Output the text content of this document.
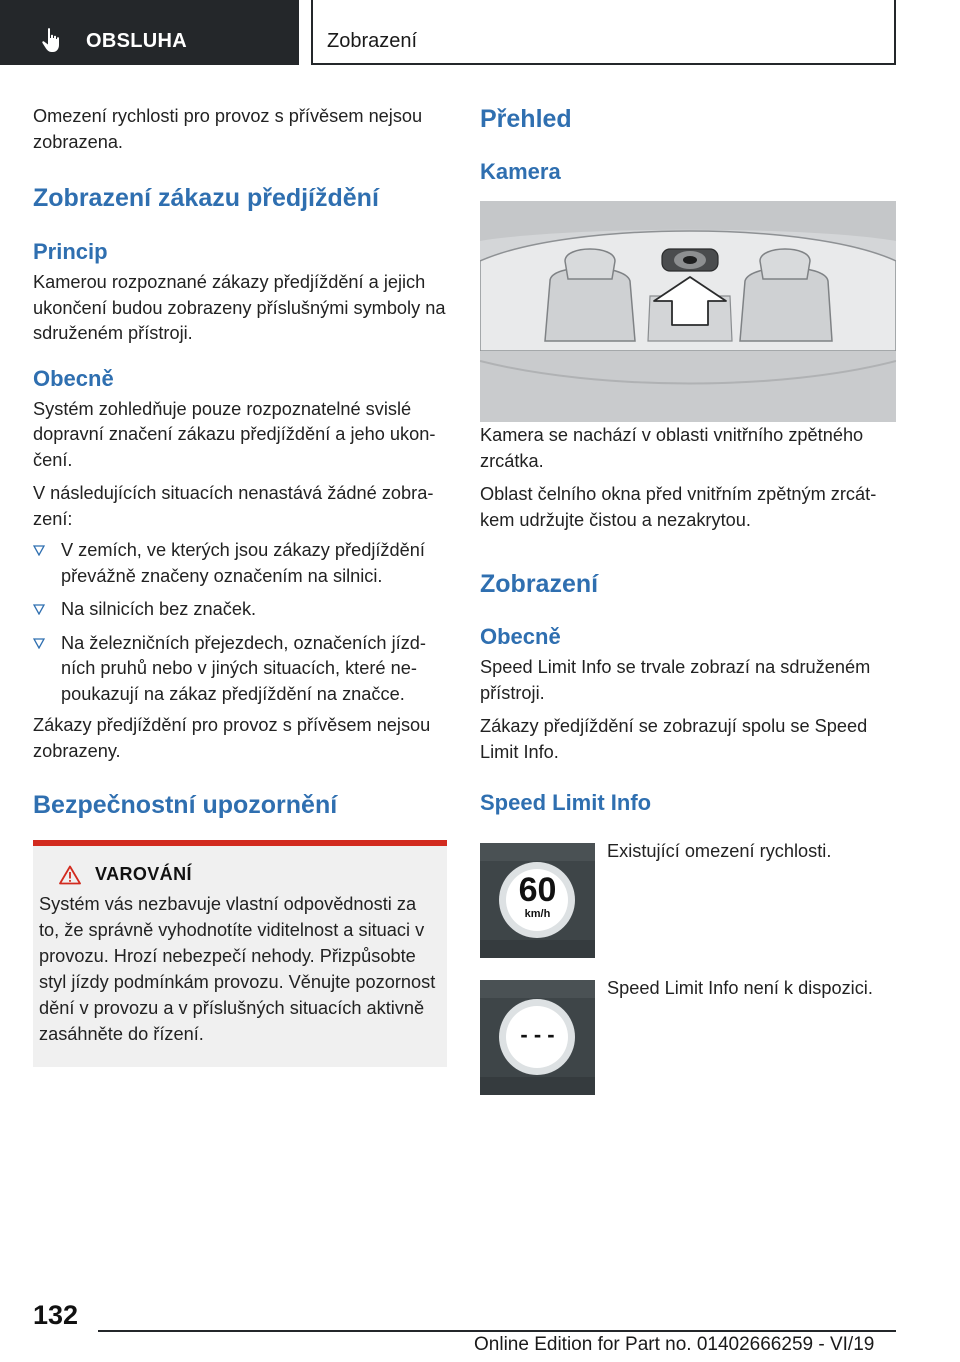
OBSLUHA	Zobrazení

Omezení rychlosti pro provoz s přívěsem nejsou zobrazena.

Zobrazení zákazu předjíždění
Princip

Kamerou rozpoznané zákazy předjíždění a jejich ukončení budou zobrazeny příslušnými symboly na sdruženém přístroji.

Obecně

Systém zohledňuje pouze rozpoznatelné svislé dopravní značení zákazu předjíždění a jeho ukončení.

V následujících situacích nenastává žádné zobrazení:

V zemích, ve kterých jsou zákazy předjíždění převážně značeny označením na silnici.
Na silnicích bez značek.
Na železničních přejezdech, označeních jízdních pruhů nebo v jiných situacích, které nepoukazují na zákaz předjíždění na značce.

Zákazy předjíždění pro provoz s přívěsem nejsou zobrazeny.

Bezpečnostní upozornění
VAROVÁNÍ

Systém vás nezbavuje vlastní odpovědnosti za to, že správně vyhodnotíte viditelnost a situaci v provozu. Hrozí nebezpečí nehody. Přizpůsobte styl jízdy podmínkám provozu. Věnujte pozornost dění v provozu a v příslušných situacích aktivně zasáhněte do řízení.

Přehled
Kamera

Kamera se nachází v oblasti vnitřního zpětného zrcátka.

Oblast čelního okna před vnitřním zpětným zrcátkem udržujte čistou a nezakrytou.

Zobrazení
Obecně

Speed Limit Info se trvale zobrazí na sdruženém přístroji.

Zákazy předjíždění se zobrazují spolu se Speed Limit Info.

Speed Limit Info
60
km/h

Existující omezení rychlosti.

- - -

Speed Limit Info není k dispozici.

132
Online Edition for Part no. 01402666259 - VI/19
